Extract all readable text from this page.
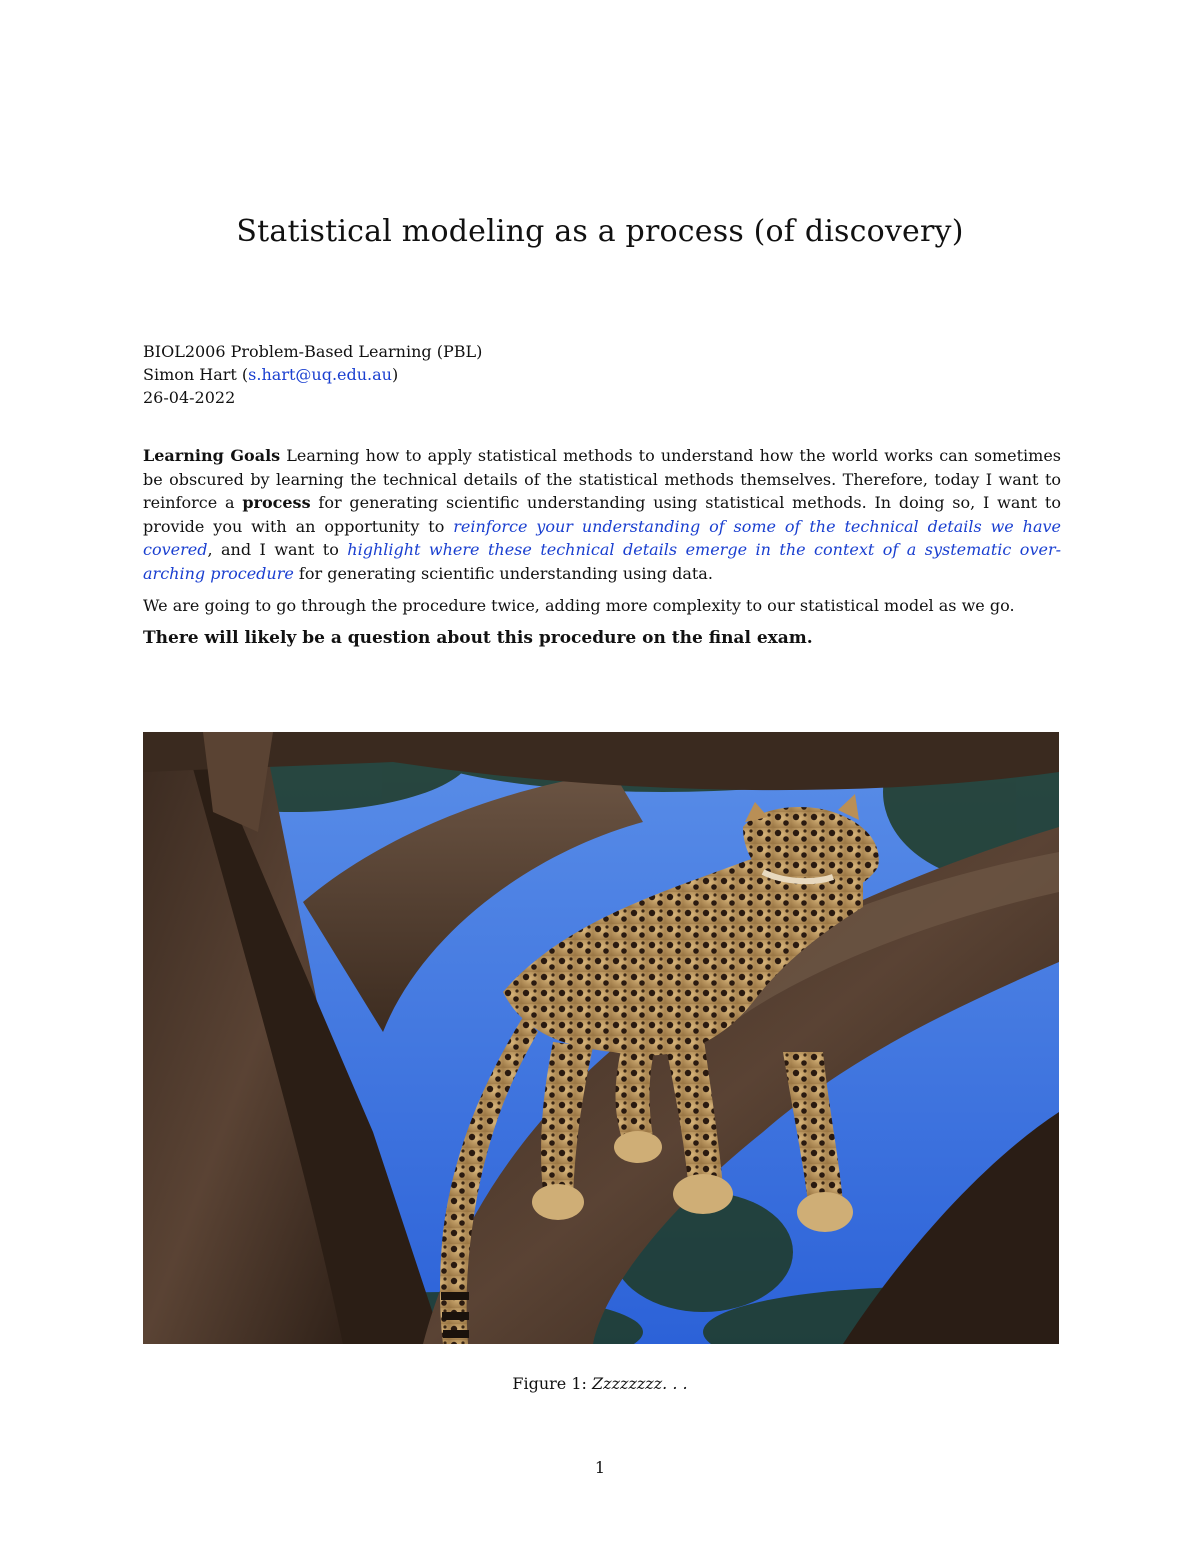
Statistical modeling as a process (of discovery)
BIOL2006 Problem-Based Learning (PBL)
Simon Hart (s.hart@uq.edu.au)
26-04-2022

Learning Goals Learning how to apply statistical methods to understand how the world works can sometimes be obscured by learning the technical details of the statistical methods themselves. Therefore, today I want to reinforce a process for generating scientific understanding using statistical methods. In doing so, I want to provide you with an opportunity to reinforce your understanding of some of the technical details we have covered, and I want to highlight where these technical details emerge in the context of a systematic over-arching procedure for generating scientific understanding using data.

We are going to go through the procedure twice, adding more complexity to our statistical model as we go.

There will likely be a question about this procedure on the final exam.

Figure 1: Zzzzzzzz. . .
1
